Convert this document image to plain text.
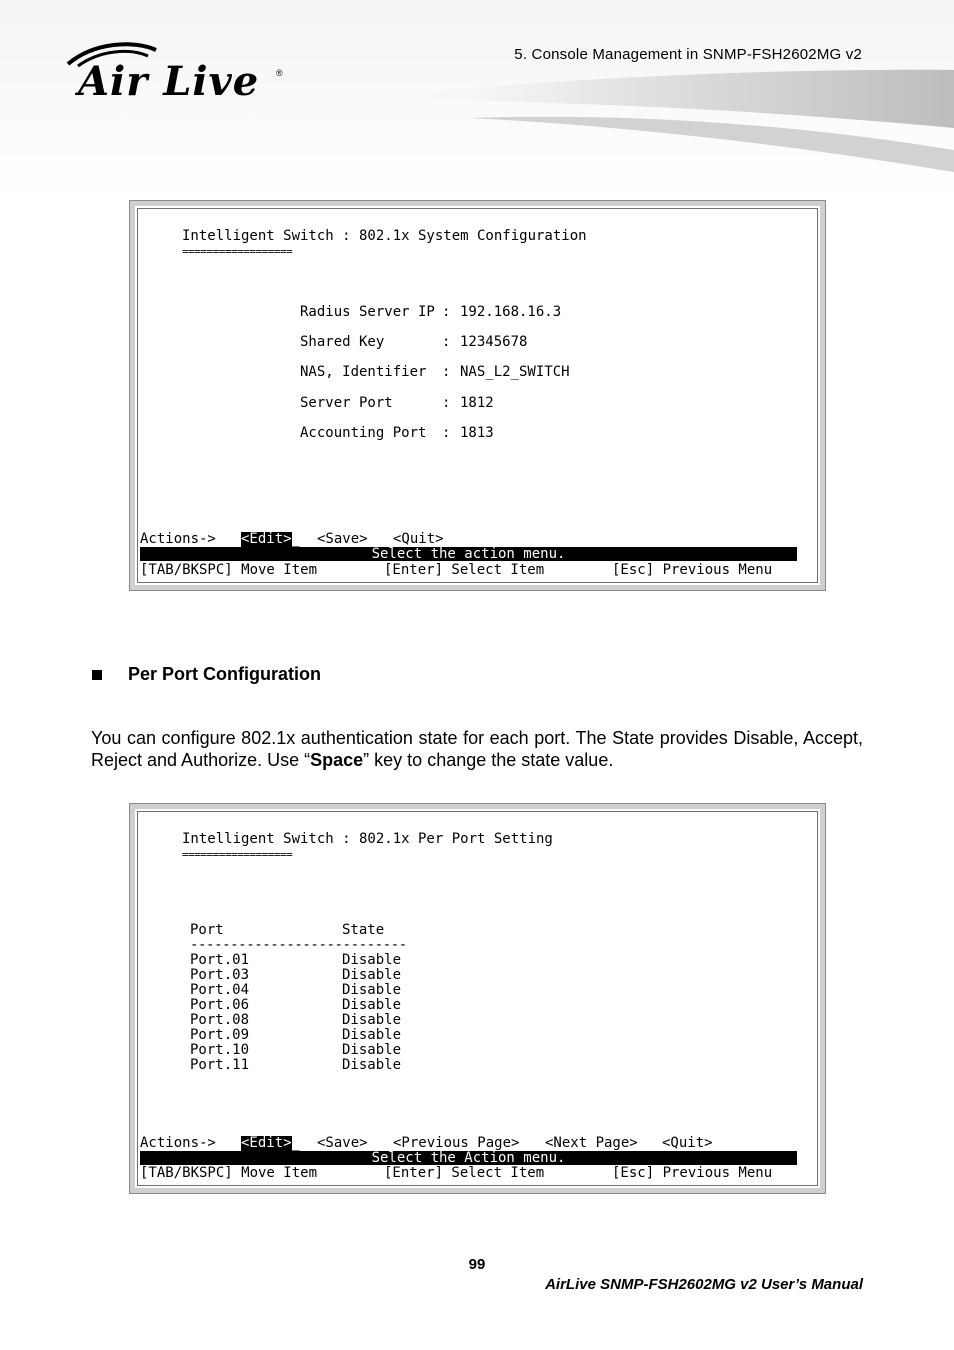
Air Live ®
5. Console Management in SNMP-FSH2602MG v2
Intelligent Switch : 802.1x System Configuration
==================
Radius Server IP : 192.168.16.3
Shared Key	: 12345678
NAS, Identifier : NAS_L2_SWITCH
Server Port	: 1812
Accounting Port : 1813
Actions-> <Edit> _ <Save> <Quit>
Select the action menu.
[TAB/BKSPC] Move Item	[Enter] Select Item	[Esc] Previous Menu
Per Port Configuration
You can configure 802.1x authentication state for each port. The State provides Disable, Accept, Reject and Authorize. Use “Space” key to change the state value.
Intelligent Switch : 802.1x Per Port Setting
==================
Port	State
---------------------------
Port.01	Disable
Port.03	Disable
Port.04	Disable
Port.06	Disable
Port.08	Disable
Port.09	Disable
Port.10	Disable
Port.11	Disable
Actions-> <Edit> _ <Save> <Previous Page> <Next Page> <Quit>
Select the Action menu.
[TAB/BKSPC] Move Item	[Enter] Select Item	[Esc] Previous Menu
99
AirLive SNMP-FSH2602MG v2 User’s Manual
